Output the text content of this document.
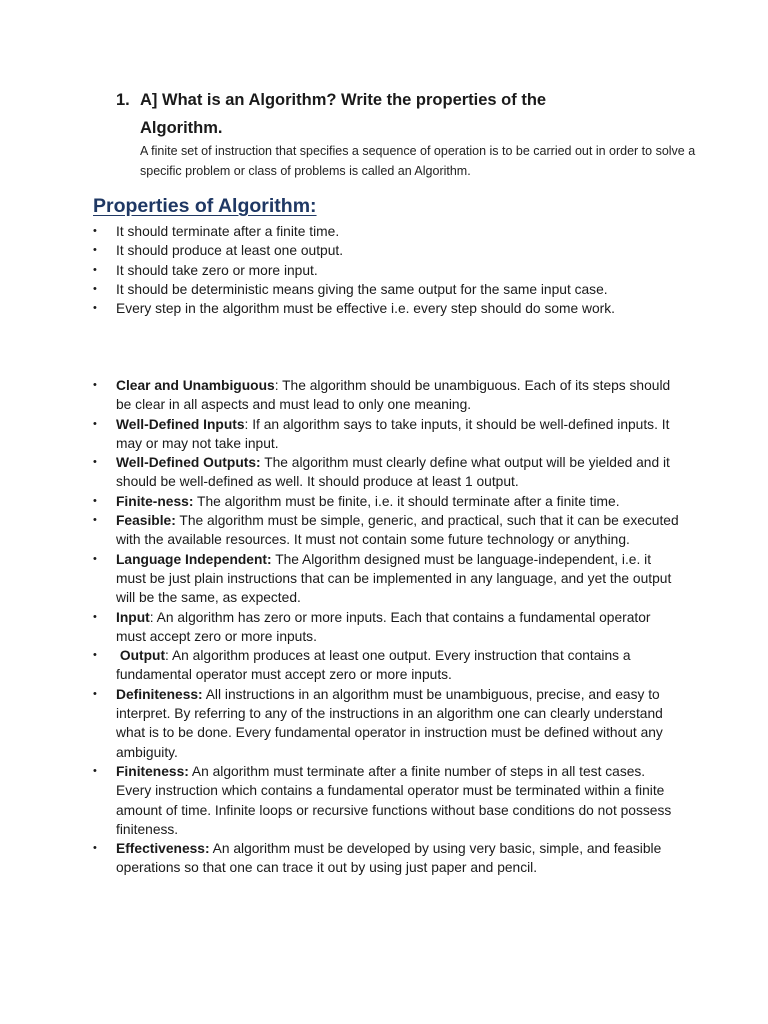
1. A] What is an Algorithm? Write the properties of the
Algorithm.
A finite set of instruction that specifies a sequence of operation is to be carried out in order to solve a specific problem or class of problems is called an Algorithm.
Properties of Algorithm:
•	It should terminate after a finite time.
•	It should produce at least one output.
•	It should take zero or more input.
•	It should be deterministic means giving the same output for the same input case.
•	Every step in the algorithm must be effective i.e. every step should do some work.
•	Clear and Unambiguous: The algorithm should be unambiguous. Each of its steps should be clear in all aspects and must lead to only one meaning.
•	Well-Defined Inputs: If an algorithm says to take inputs, it should be well-defined inputs. It may or may not take input.
•	Well-Defined Outputs: The algorithm must clearly define what output will be yielded and it should be well-defined as well. It should produce at least 1 output.
•	Finite-ness: The algorithm must be finite, i.e. it should terminate after a finite time.
•	Feasible: The algorithm must be simple, generic, and practical, such that it can be executed with the available resources. It must not contain some future technology or anything.
•	Language Independent: The Algorithm designed must be language-independent, i.e. it must be just plain instructions that can be implemented in any language, and yet the output will be the same, as expected.
•	Input: An algorithm has zero or more inputs. Each that contains a fundamental operator must accept zero or more inputs.
•	Output: An algorithm produces at least one output. Every instruction that contains a fundamental operator must accept zero or more inputs.
•	Definiteness: All instructions in an algorithm must be unambiguous, precise, and easy to interpret. By referring to any of the instructions in an algorithm one can clearly understand what is to be done. Every fundamental operator in instruction must be defined without any ambiguity.
•	Finiteness: An algorithm must terminate after a finite number of steps in all test cases. Every instruction which contains a fundamental operator must be terminated within a finite amount of time. Infinite loops or recursive functions without base conditions do not possess finiteness.
•	Effectiveness: An algorithm must be developed by using very basic, simple, and feasible operations so that one can trace it out by using just paper and pencil.
